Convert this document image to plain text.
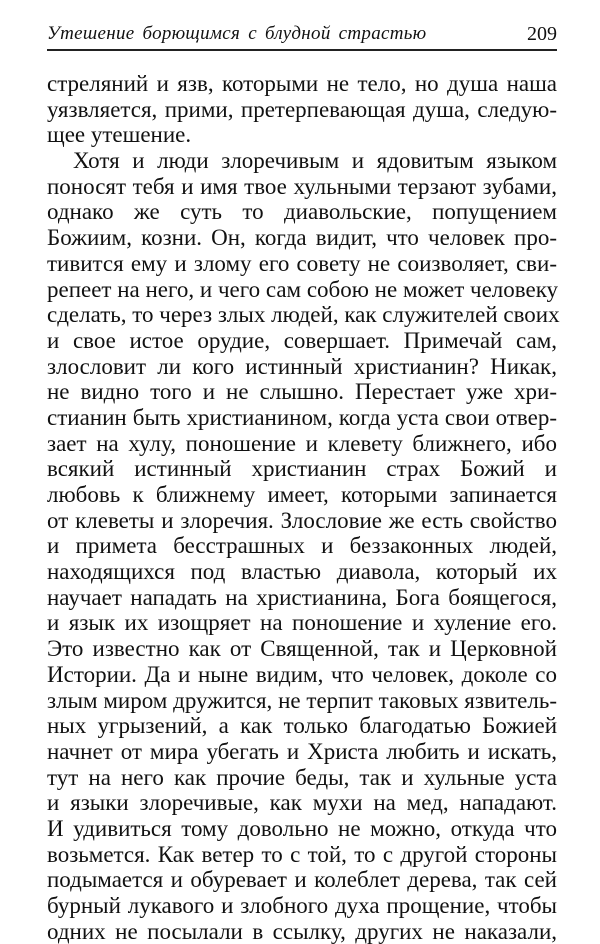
Утешение борющимся с блудной страстью	209
стреляний и язв, которыми не тело, но душа наша
уязвляется, прими, претерпевающая душа, следую-
щее утешение.
Хотя и люди злоречивым и ядовитым языком
поносят тебя и имя твое хульными терзают зубами,
однако же суть то диавольские, попущением
Божиим, козни. Он, когда видит, что человек про-
тивится ему и злому его совету не соизволяет, сви-
репеет на него, и чего сам собою не может человеку
сделать, то через злых людей, как служителей своих
и свое истое орудие, совершает. Примечай сам,
злословит ли кого истинный христианин? Никак,
не видно того и не слышно. Перестает уже хри-
стианин быть христианином, когда уста свои отвер-
зает на хулу, поношение и клевету ближнего, ибо
всякий истинный христианин страх Божий и
любовь к ближнему имеет, которыми запинается
от клеветы и злоречия. Злословие же есть свойство
и примета бесстрашных и беззаконных людей,
находящихся под властью диавола, который их
научает нападать на христианина, Бога боящегося,
и язык их изощряет на поношение и хуление его.
Это известно как от Священной, так и Церковной
Истории. Да и ныне видим, что человек, доколе со
злым миром дружится, не терпит таковых язвитель-
ных угрызений, а как только благодатью Божией
начнет от мира убегать и Христа любить и искать,
тут на него как прочие беды, так и хульные уста
и языки злоречивые, как мухи на мед, нападают.
И удивиться тому довольно не можно, откуда что
возьмется. Как ветер то с той, то с другой стороны
подымается и обуревает и колеблет дерева, так сей
бурный лукавого и злобного духа прощение, чтобы
одних не посылали в ссылку, других не наказали,
